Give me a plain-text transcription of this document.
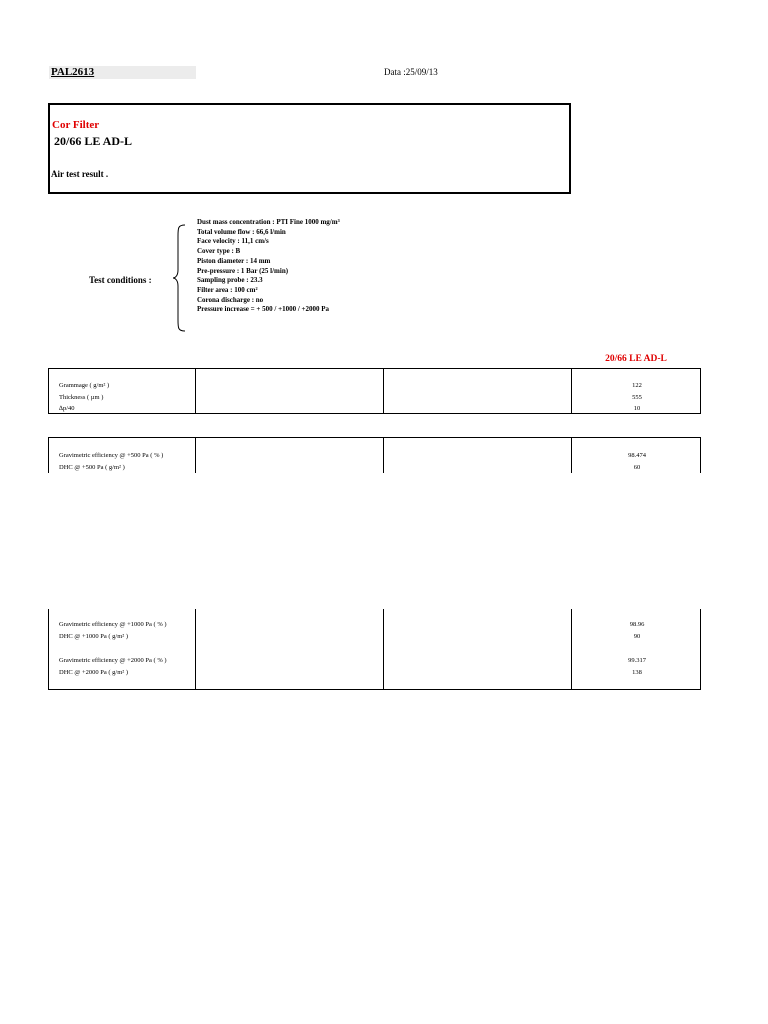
PAL2613	Data :25/09/13
Cor Filter
20/66 LE AD-L
Air test result .
Test conditions :
Dust mass concentration : PTI Fine 1000 mg/m³
Total volume flow : 66,6 l/min
Face velocity : 11,1 cm/s
Cover type : B
Piston diameter : 14 mm
Pre-pressure : 1 Bar (25 l/min)
Sampling probe : 23.3
Filter area : 100 cm²
Corona discharge : no
Pressure increase = + 500 / +1000 / +2000 Pa
20/66 LE AD-L
Grammage ( g/m² )
Thickness ( µm )
∆p/40
122
555
10
Gravimetric efficiency @ +500 Pa ( % )
DHC @ +500 Pa ( g/m² )
98.474
60
Gravimetric efficiency @ +1000 Pa ( % )
DHC @ +1000 Pa ( g/m² )
98.96
90
Gravimetric efficiency @ +2000 Pa ( % )
DHC @ +2000 Pa ( g/m² )
99.317
138
